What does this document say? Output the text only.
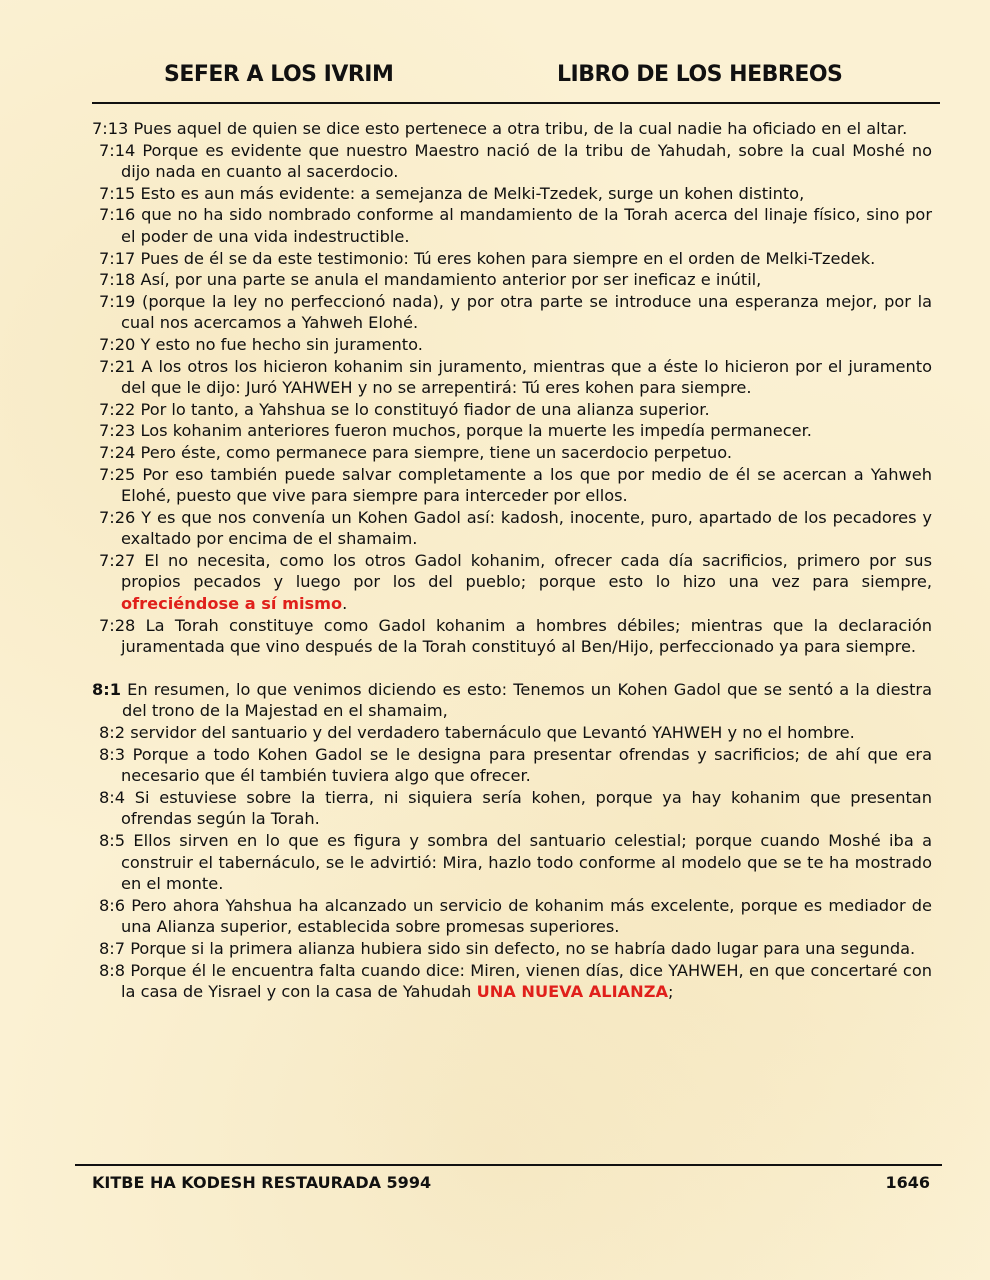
SEFER A LOS IVRIM	LIBRO DE LOS HEBREOS
7:13 Pues aquel de quien se dice esto pertenece a otra tribu, de la cual nadie ha oficiado en el altar.
7:14 Porque es evidente que nuestro Maestro nació de la tribu de Yahudah, sobre la cual Moshé no dijo nada en cuanto al sacerdocio.
7:15 Esto es aun más evidente: a semejanza de Melki-Tzedek, surge un kohen distinto,
7:16 que no ha sido nombrado conforme al mandamiento de la Torah acerca del linaje físico, sino por el poder de una vida indestructible.
7:17 Pues de él se da este testimonio: Tú eres kohen para siempre en el orden de Melki-Tzedek.
7:18 Así, por una parte se anula el mandamiento anterior por ser ineficaz e inútil,
7:19 (porque la ley no perfeccionó nada), y por otra parte se introduce una esperanza mejor, por la cual nos acercamos a Yahweh Elohé.
7:20 Y esto no fue hecho sin juramento.
7:21 A los otros los hicieron kohanim sin juramento, mientras que a éste lo hicieron por el juramento del que le dijo: Juró YAHWEH y no se arrepentirá: Tú eres kohen para siempre.
7:22 Por lo tanto, a Yahshua se lo constituyó fiador de una alianza superior.
7:23 Los kohanim anteriores fueron muchos, porque la muerte les impedía permanecer.
7:24 Pero éste, como permanece para siempre, tiene un sacerdocio perpetuo.
7:25 Por eso también puede salvar completamente a los que por medio de él se acercan a Yahweh Elohé, puesto que vive para siempre para interceder por ellos.
7:26 Y es que nos convenía un Kohen Gadol así: kadosh, inocente, puro, apartado de los pecadores y exaltado por encima de el shamaim.
7:27 El no necesita, como los otros Gadol kohanim, ofrecer cada día sacrificios, primero por sus propios pecados y luego por los del pueblo; porque esto lo hizo una vez para siempre, ofreciéndose a sí mismo.
7:28 La Torah constituye como Gadol kohanim a hombres débiles; mientras que la declaración juramentada que vino después de la Torah constituyó al Ben/Hijo, perfeccionado ya para siempre.
8:1 En resumen, lo que venimos diciendo es esto: Tenemos un Kohen Gadol que se sentó a la diestra del trono de la Majestad en el shamaim,
8:2 servidor del santuario y del verdadero tabernáculo que Levantó YAHWEH y no el hombre.
8:3 Porque a todo Kohen Gadol se le designa para presentar ofrendas y sacrificios; de ahí que era necesario que él también tuviera algo que ofrecer.
8:4 Si estuviese sobre la tierra, ni siquiera sería kohen, porque ya hay kohanim que presentan ofrendas según la Torah.
8:5 Ellos sirven en lo que es figura y sombra del santuario celestial; porque cuando Moshé iba a construir el tabernáculo, se le advirtió: Mira, hazlo todo conforme al modelo que se te ha mostrado en el monte.
8:6 Pero ahora Yahshua ha alcanzado un servicio de kohanim más excelente, porque es mediador de una Alianza superior, establecida sobre promesas superiores.
8:7 Porque si la primera alianza hubiera sido sin defecto, no se habría dado lugar para una segunda.
8:8 Porque él le encuentra falta cuando dice: Miren, vienen días, dice YAHWEH, en que concertaré con la casa de Yisrael y con la casa de Yahudah UNA NUEVA ALIANZA;
KITBE HA KODESH RESTAURADA 5994	1646
